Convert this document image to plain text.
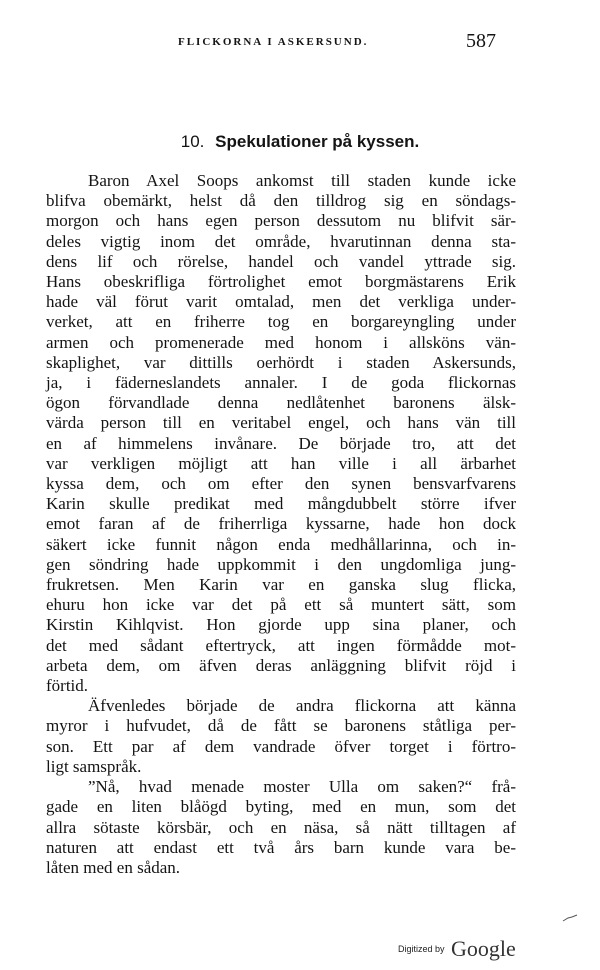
FLICKORNA I ASKERSUND.	587
10. Spekulationer på kyssen.
Baron Axel Soops ankomst till staden kunde icke
blifva obemärkt, helst då den tilldrog sig en söndags-
morgon och hans egen person dessutom nu blifvit sär-
deles vigtig inom det område, hvarutinnan denna sta-
dens lif och rörelse, handel och vandel yttrade sig.
Hans obeskrifliga förtrolighet emot borgmästarens Erik
hade väl förut varit omtalad, men det verkliga under-
verket, att en friherre tog en borgareyngling under
armen och promenerade med honom i allsköns vän-
skaplighet, var dittills oerhördt i staden Askersunds,
ja, i fäderneslandets annaler. I de goda flickornas
ögon förvandlade denna nedlåtenhet baronens älsk-
värda person till en veritabel engel, och hans vän till
en af himmelens invånare. De började tro, att det
var verkligen möjligt att han ville i all ärbarhet
kyssa dem, och om efter den synen bensvarfvarens
Karin skulle predikat med mångdubbelt större ifver
emot faran af de friherrliga kyssarne, hade hon dock
säkert icke funnit någon enda medhållarinna, och in-
gen söndring hade uppkommit i den ungdomliga jung-
frukretsen. Men Karin var en ganska slug flicka,
ehuru hon icke var det på ett så muntert sätt, som
Kirstin Kihlqvist. Hon gjorde upp sina planer, och
det med sådant eftertryck, att ingen förmådde mot-
arbeta dem, om äfven deras anläggning blifvit röjd i
förtid.
Äfvenledes började de andra flickorna att känna
myror i hufvudet, då de fått se baronens ståtliga per-
son. Ett par af dem vandrade öfver torget i förtro-
ligt samspråk.
”Nå, hvad menade moster Ulla om saken?“ frå-
gade en liten blåögd byting, med en mun, som det
allra sötaste körsbär, och en näsa, så nätt tilltagen af
naturen att endast ett två års barn kunde vara be-
låten med en sådan.
Digitized by Google
